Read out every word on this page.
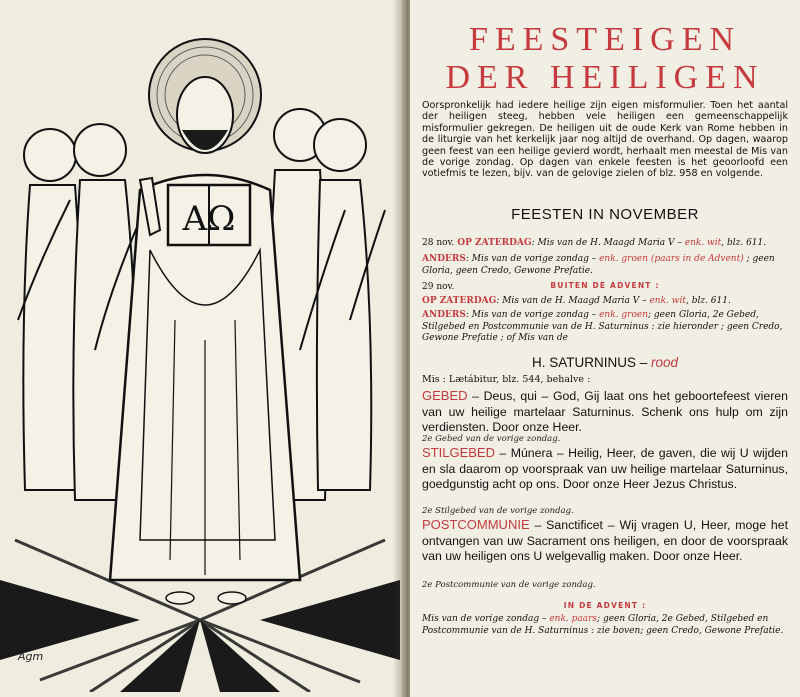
AΩ
Agm
FEESTEIGEN
DER HEILIGEN
Oorspronkelijk had iedere heilige zijn eigen misformulier. Toen het aantal der heiligen steeg, hebben vele heiligen een gemeenschappelijk misformulier gekregen. De heiligen uit de oude Kerk van Rome hebben in de liturgie van het kerkelijk jaar nog altijd de overhand. Op dagen, waarop geen feest van een heilige gevierd wordt, herhaalt men meestal de Mis van de vorige zondag. Op dagen van enkele feesten is het geoorloofd een votiefmis te lezen, bijv. van de gelovige zielen of blz. 958 en volgende.
FEESTEN IN NOVEMBER
28 nov. OP ZATERDAG: Mis van de H. Maagd Maria V – enk. wit, blz. 611.
ANDERS: Mis van de vorige zondag – enk. groen (paars in de Advent) ; geen Gloria, geen Credo, Gewone Prefatie.
29 nov.	BUITEN DE ADVENT :
OP ZATERDAG: Mis van de H. Maagd Maria V – enk. wit, blz. 611.
ANDERS: Mis van de vorige zondag – enk. groen; geen Gloria, 2e Gebed, Stilgebed en Postcommunie van de H. Saturninus : zie hieronder ; geen Credo, Gewone Prefatie ; of Mis van de
H. SATURNINUS – rood
Mis : Lætábitur, blz. 544, behalve :
GEBED – Deus, qui – God, Gij laat ons het geboortefeest vieren van uw heilige martelaar Saturninus. Schenk ons hulp om zijn verdiensten. Door onze Heer.
2e Gebed van de vorige zondag.
STILGEBED – Múnera – Heilig, Heer, de gaven, die wij U wijden en sla daarom op voorspraak van uw heilige martelaar Saturninus, goedgunstig acht op ons. Door onze Heer Jezus Christus.
2e Stilgebed van de vorige zondag.
POSTCOMMUNIE – Sanctificet – Wij vragen U, Heer, moge het ontvangen van uw Sacrament ons heiligen, en door de voorspraak van uw heiligen ons U welgevallig maken. Door onze Heer.
2e Postcommunie van de vorige zondag.
IN DE ADVENT :
Mis van de vorige zondag – enk. paars; geen Gloria, 2e Gebed, Stilgebed en Postcommunie van de H. Saturninus : zie boven; geen Credo, Gewone Prefatie.
